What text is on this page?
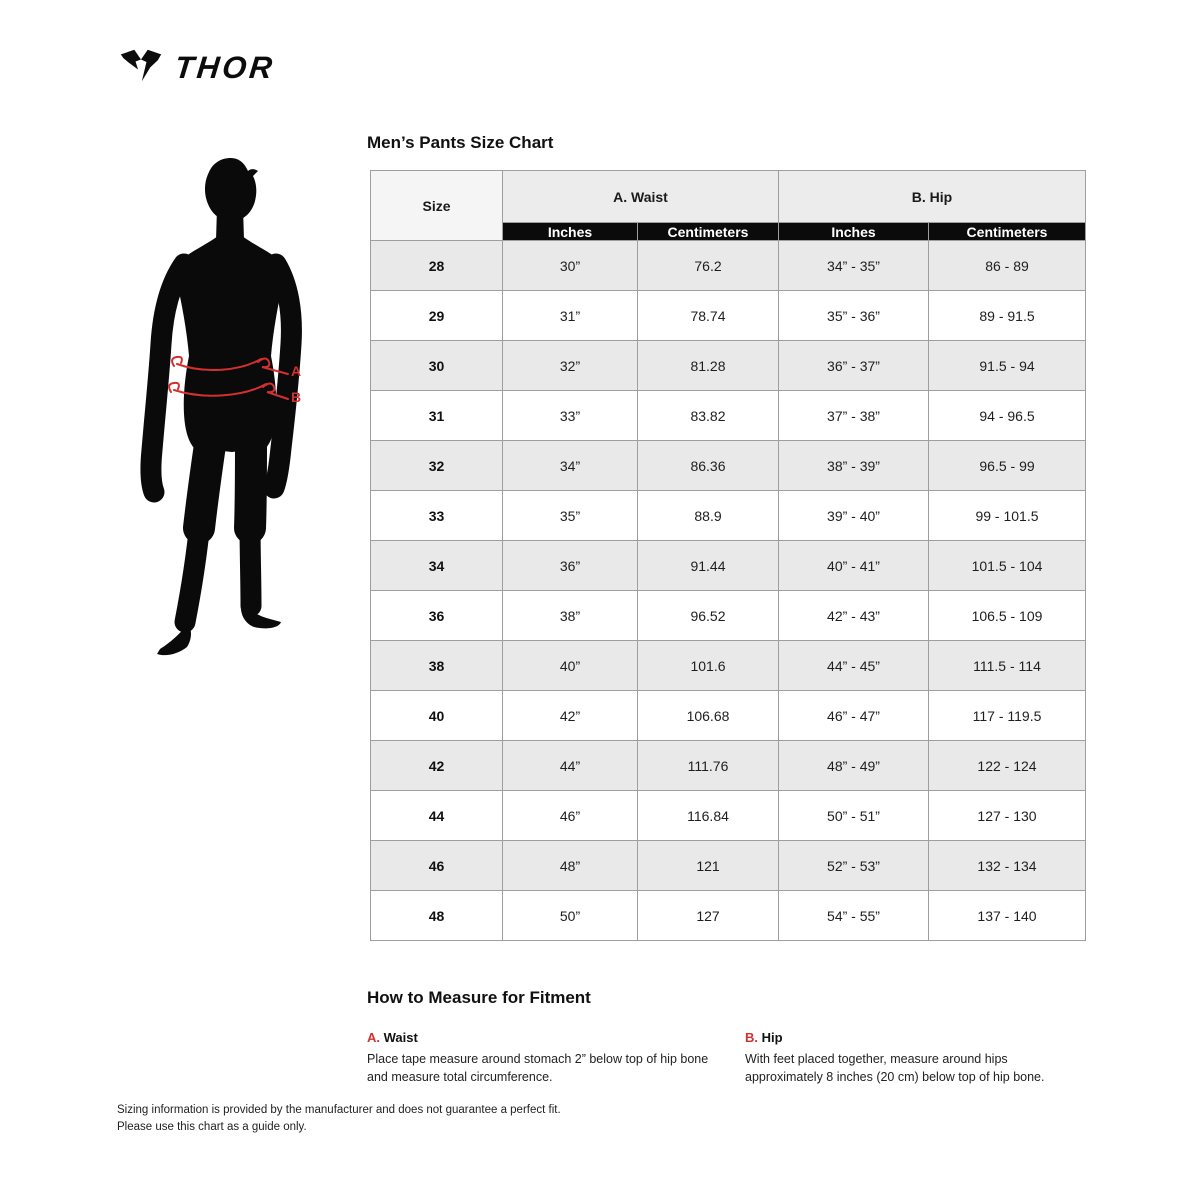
THOR
A
B
Men’s Pants Size Chart
Size	A. Waist		B. Hip	
	Inches	Centimeters	Inches	Centimeters
28	30”	76.2	34” - 35”	86 - 89
29	31”	78.74	35” - 36”	89 - 91.5
30	32”	81.28	36” - 37”	91.5 - 94
31	33”	83.82	37” - 38”	94 - 96.5
32	34”	86.36	38” - 39”	96.5 - 99
33	35”	88.9	39” - 40”	99 - 101.5
34	36”	91.44	40” - 41”	101.5 - 104
36	38”	96.52	42” - 43”	106.5 - 109
38	40”	101.6	44” - 45”	111.5 - 114
40	42”	106.68	46” - 47”	117 - 119.5
42	44”	111.76	48” - 49”	122 - 124
44	46”	116.84	50” - 51”	127 - 130
46	48”	121	52” - 53”	132 - 134
48	50”	127	54” - 55”	137 - 140
How to Measure for Fitment
A. Waist
Place tape measure around stomach 2” below top of hip bone and measure total circumference.
B. Hip
With feet placed together, measure around hips approximately 8 inches (20 cm) below top of hip bone.
Sizing information is provided by the manufacturer and does not guarantee a perfect fit.
Please use this chart as a guide only.
